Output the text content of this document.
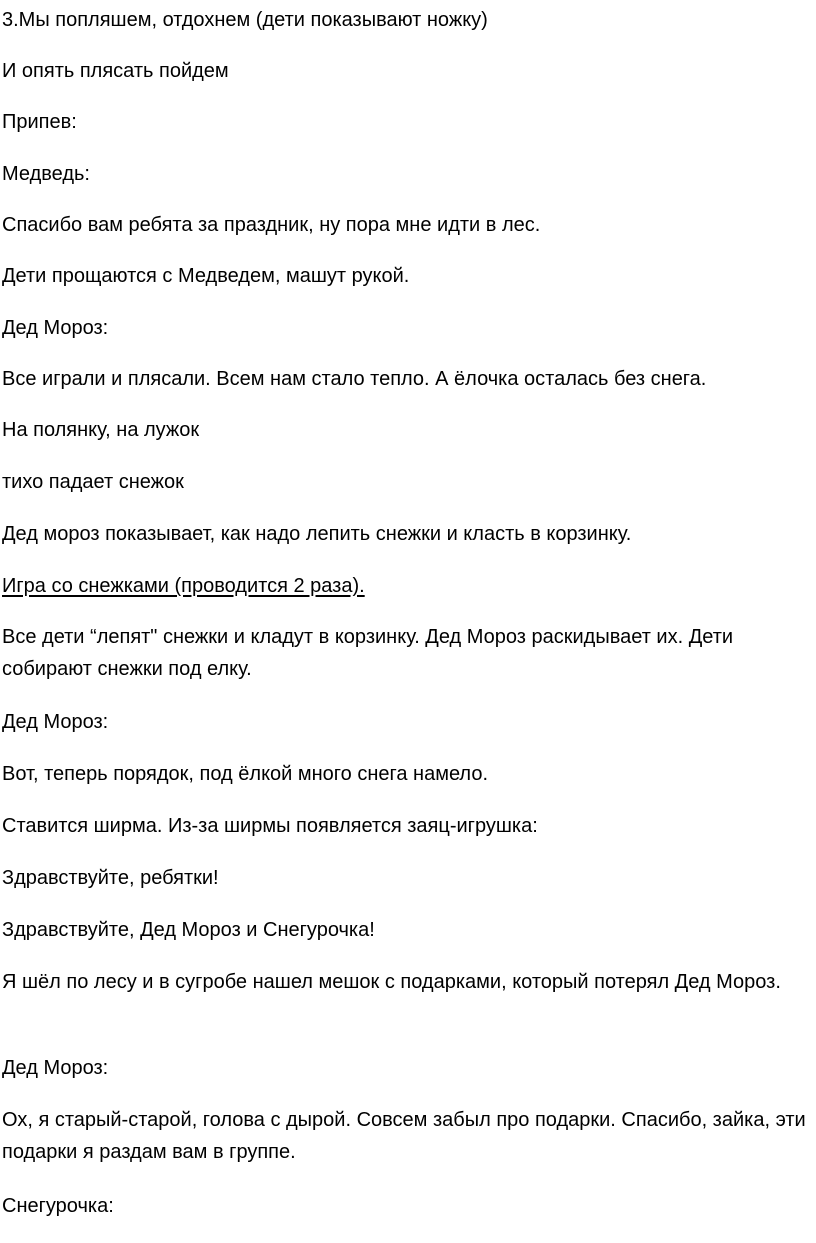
3.Мы попляшем, отдохнем (дети показывают ножку)

И опять плясать пойдем

Припев:

Медведь:

Спасибо вам ребята за праздник, ну пора мне идти в лес.

Дети прощаются с Медведем, машут рукой.

Дед Мороз:

Все играли и плясали. Всем нам стало тепло. А ёлочка осталась без снега.

На полянку, на лужок

тихо падает снежок

Дед мороз показывает, как надо лепить снежки и класть в корзинку.

Игра со снежками (проводится 2 раза).

Все дети “лепят" снежки и кладут в корзинку. Дед Мороз раскидывает их. Дети собирают снежки под елку.

Дед Мороз:

Вот, теперь порядок, под ёлкой много снега намело.

Ставится ширма. Из-за ширмы появляется заяц-игрушка:

Здравствуйте, ребятки!

Здравствуйте, Дед Мороз и Снегурочка!

Я шёл по лесу и в сугробе нашел мешок с подарками, который потерял Дед Мороз.

Дед Мороз:

Ох, я старый-старой, голова с дырой. Совсем забыл про подарки. Спасибо, зайка, эти подарки я раздам вам в группе.

Снегурочка:
